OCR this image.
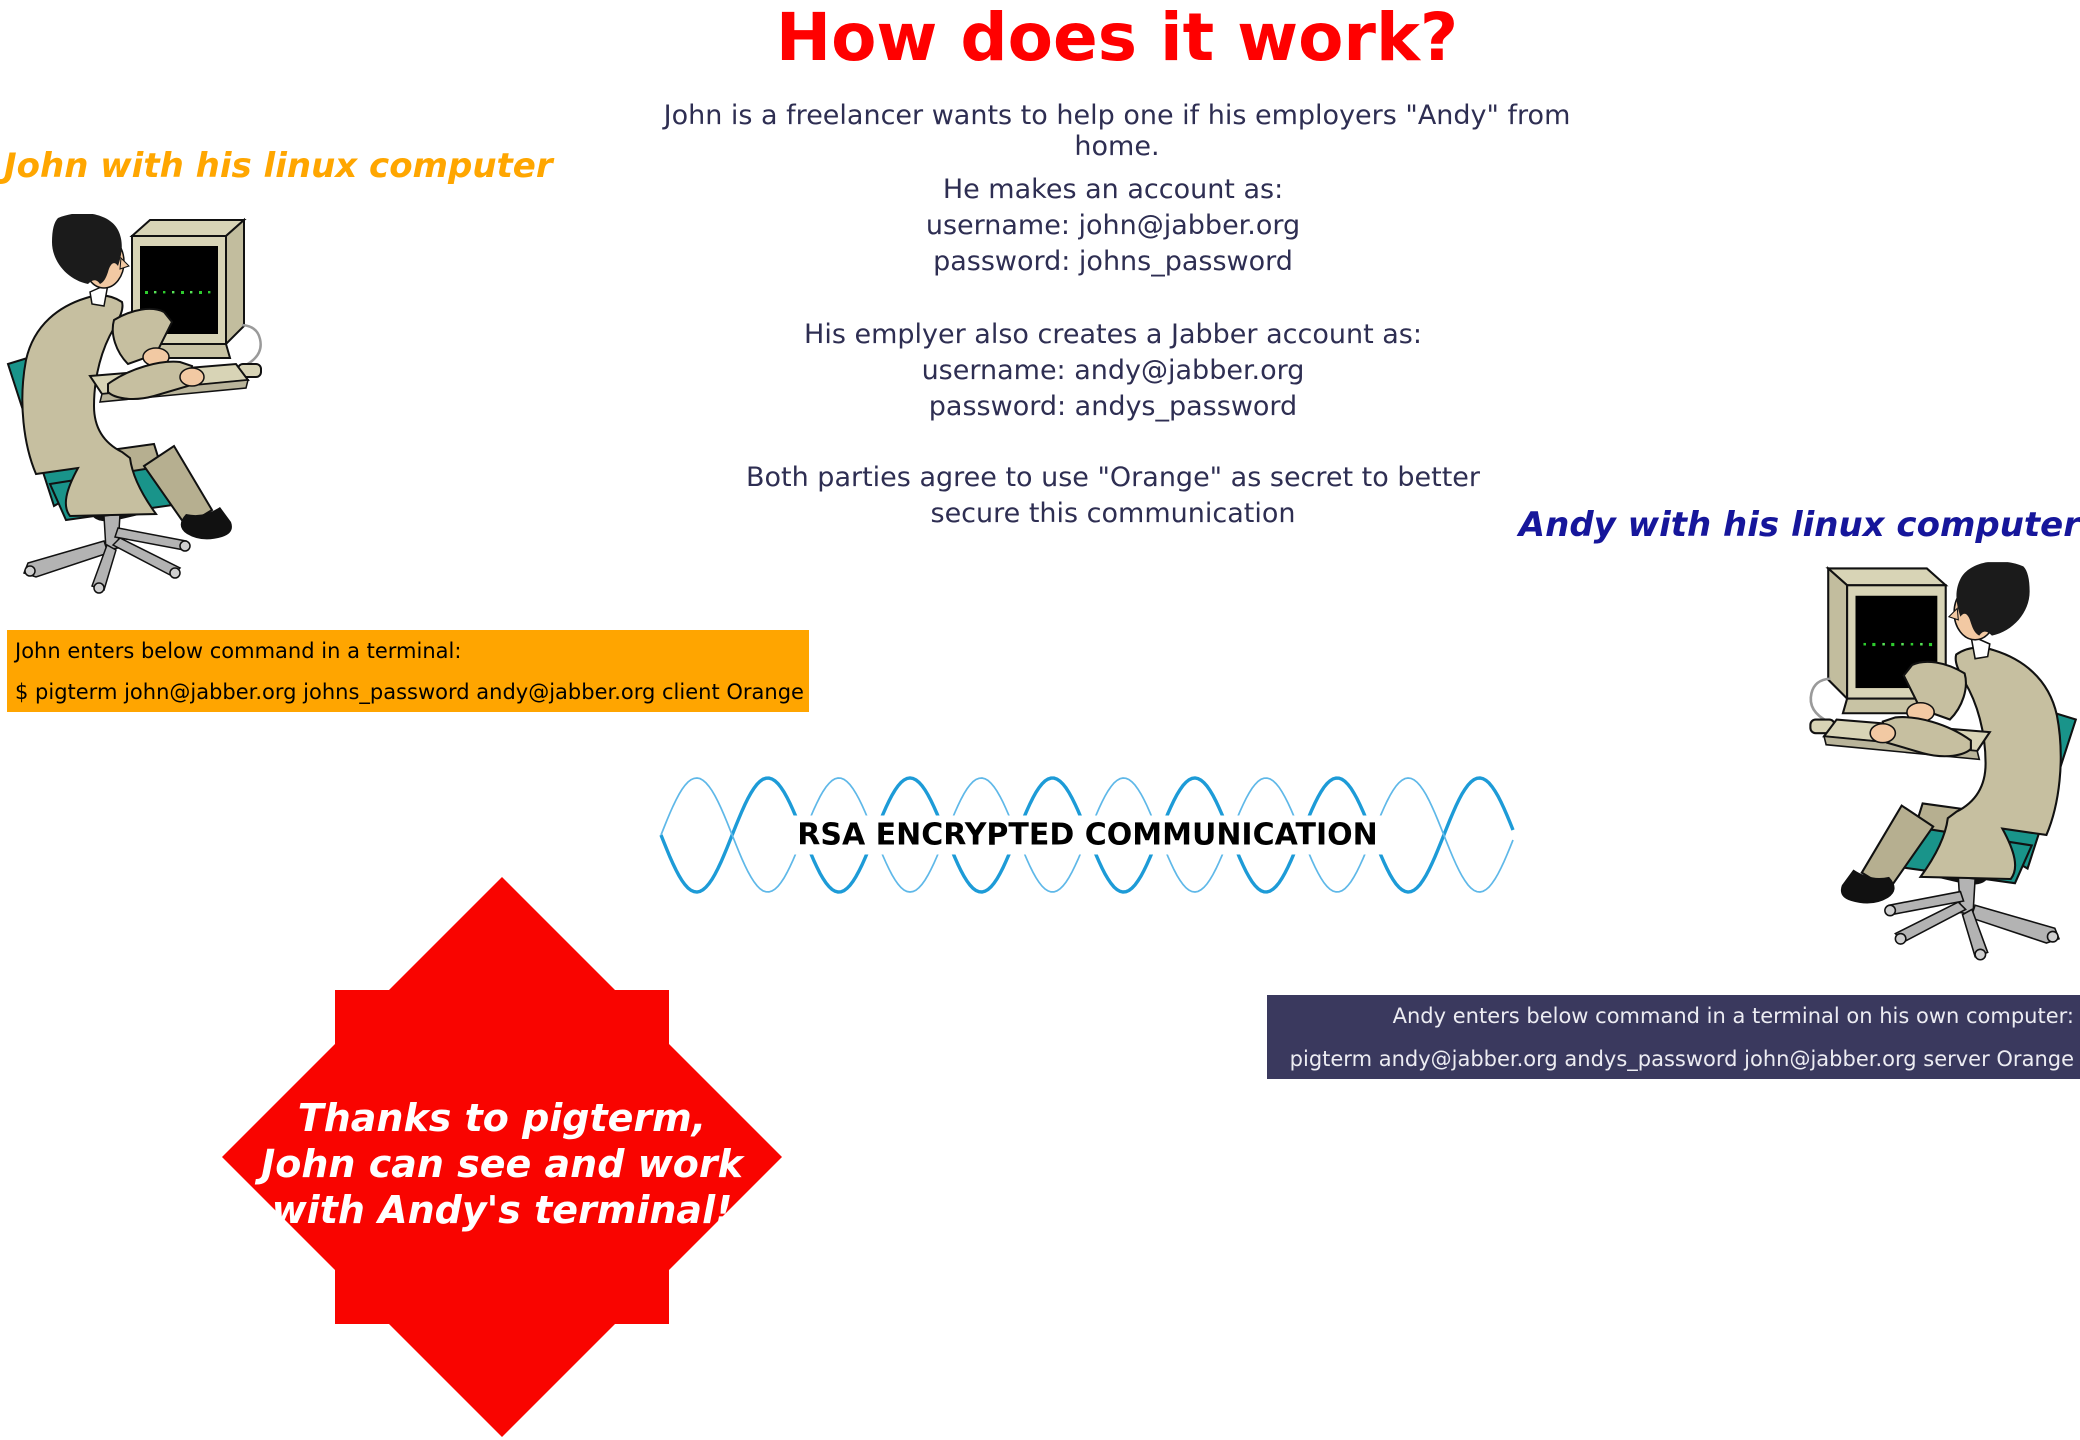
How does it work?
John is a freelancer wants to help one if his employers "Andy" from home.
John with his linux computer
Andy with his linux computer
He makes an account as:
username: john@jabber.org
password: johns_password
His emplyer also creates a Jabber account as:
username: andy@jabber.org
password: andys_password
Both parties agree to use "Orange" as secret to better
secure this communication
John enters below command in a terminal:
$ pigterm john@jabber.org johns_password andy@jabber.org client Orange
RSA ENCRYPTED COMMUNICATION
Andy enters below command in a terminal on his own computer:
pigterm andy@jabber.org andys_password john@jabber.org server Orange
Thanks to pigterm,
John can see and work
with Andy's terminal!
